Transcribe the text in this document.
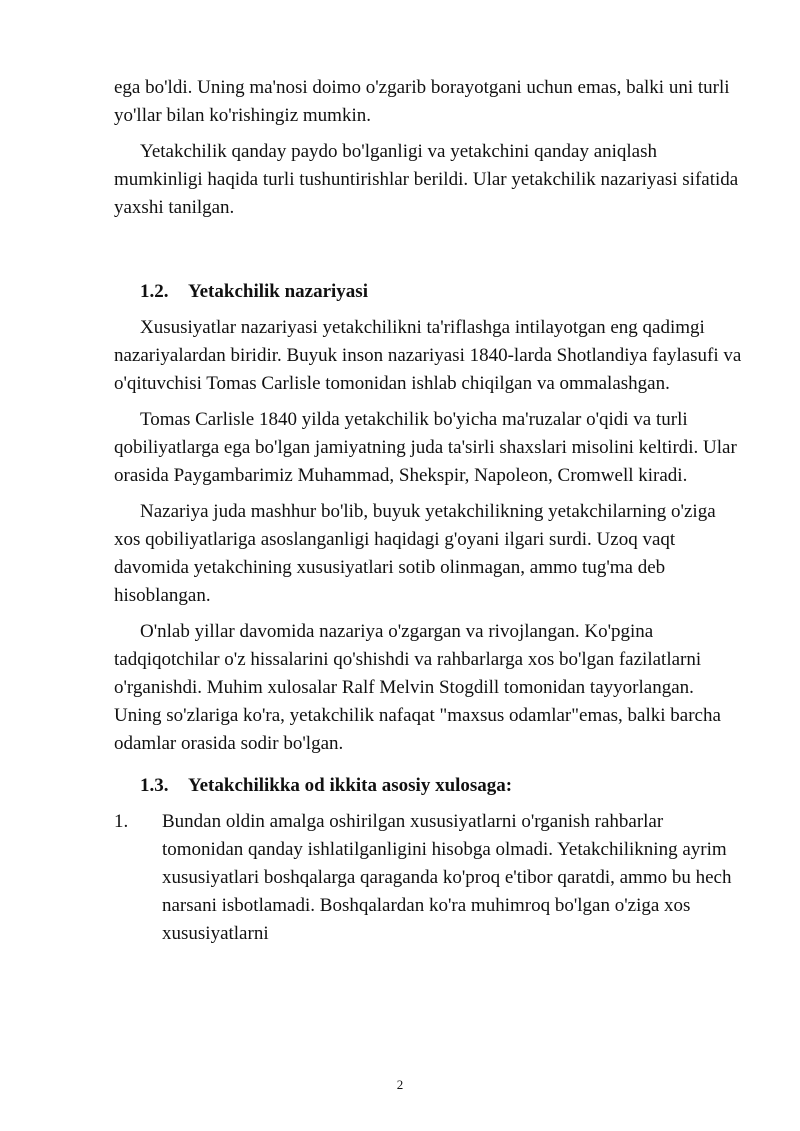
ega bo'ldi. Uning ma'nosi doimo o'zgarib borayotgani uchun emas, balki uni turli yo'llar bilan ko'rishingiz mumkin.

Yetakchilik qanday paydo bo'lganligi va yetakchini qanday aniqlash mumkinligi haqida turli tushuntirishlar berildi. Ular yetakchilik nazariyasi sifatida yaxshi tanilgan.

1.2. Yetakchilik nazariyasi

Xususiyatlar nazariyasi yetakchilikni ta'riflashga intilayotgan eng qadimgi nazariyalardan biridir. Buyuk inson nazariyasi 1840-larda Shotlandiya faylasufi va o'qituvchisi Tomas Carlisle tomonidan ishlab chiqilgan va ommalashgan.

Tomas Carlisle 1840 yilda yetakchilik bo'yicha ma'ruzalar o'qidi va turli qobiliyatlarga ega bo'lgan jamiyatning juda ta'sirli shaxslari misolini keltirdi. Ular orasida Paygambarimiz Muhammad, Shekspir, Napoleon, Cromwell kiradi.

Nazariya juda mashhur bo'lib, buyuk yetakchilikning yetakchilarning o'ziga xos qobiliyatlariga asoslanganligi haqidagi g'oyani ilgari surdi. Uzoq vaqt davomida yetakchining xususiyatlari sotib olinmagan, ammo tug'ma deb hisoblangan.

O'nlab yillar davomida nazariya o'zgargan va rivojlangan. Ko'pgina tadqiqotchilar o'z hissalarini qo'shishdi va rahbarlarga xos bo'lgan fazilatlarni o'rganishdi. Muhim xulosalar Ralf Melvin Stogdill tomonidan tayyorlangan. Uning so'zlariga ko'ra, yetakchilik nafaqat "maxsus odamlar"emas, balki barcha odamlar orasida sodir bo'lgan.

1.3. Yetakchilikka od ikkita asosiy xulosaga:

1.	Bundan oldin amalga oshirilgan xususiyatlarni o'rganish rahbarlar tomonidan qanday ishlatilganligini hisobga olmadi. Yetakchilikning ayrim xususiyatlari boshqalarga qaraganda ko'proq e'tibor qaratdi, ammo bu hech narsani isbotlamadi. Boshqalardan ko'ra muhimroq bo'lgan o'ziga xos xususiyatlarni
2
